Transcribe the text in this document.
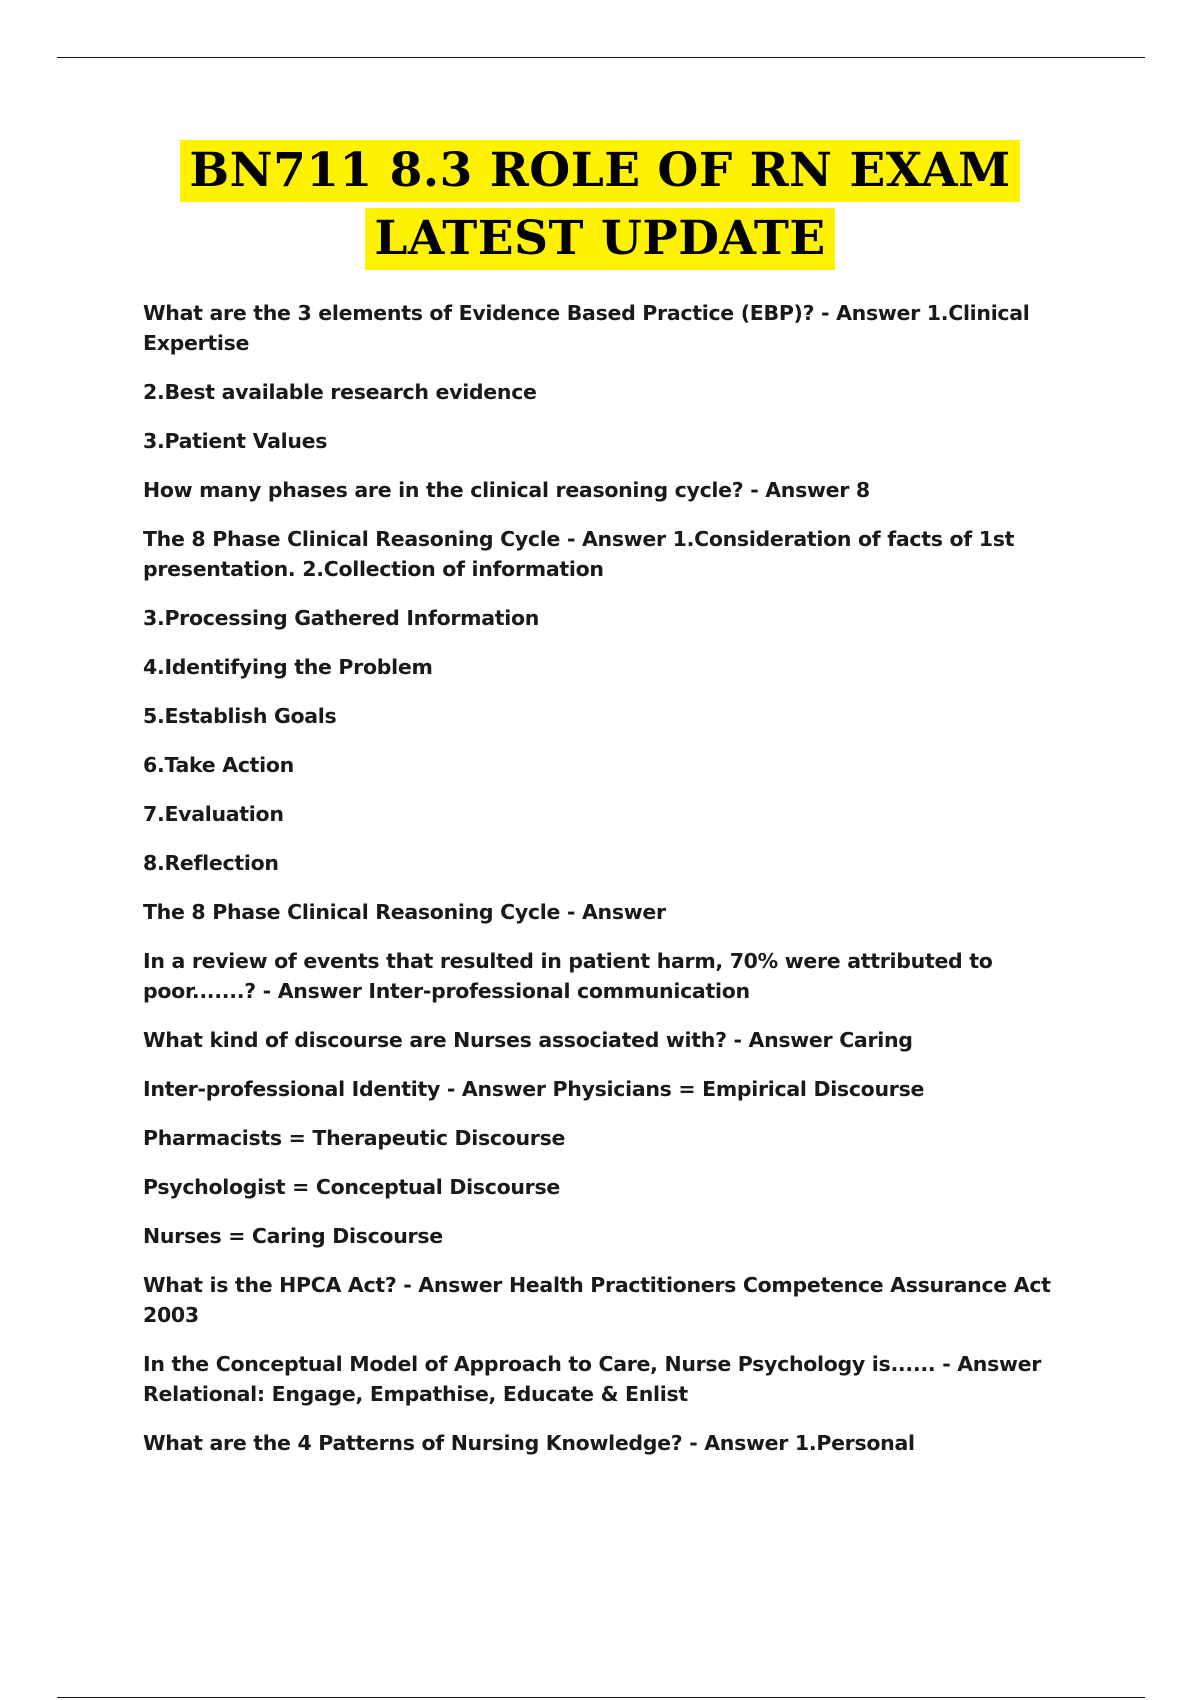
BN711 8.3 ROLE OF RN EXAM
LATEST UPDATE

What are the 3 elements of Evidence Based Practice (EBP)? - Answer 1.Clinical Expertise

2.Best available research evidence

3.Patient Values

How many phases are in the clinical reasoning cycle? - Answer 8

The 8 Phase Clinical Reasoning Cycle - Answer 1.Consideration of facts of 1st presentation. 2.Collection of information

3.Processing Gathered Information

4.Identifying the Problem

5.Establish Goals

6.Take Action

7.Evaluation

8.Reflection

The 8 Phase Clinical Reasoning Cycle - Answer

In a review of events that resulted in patient harm, 70% were attributed to poor.......? - Answer Inter-professional communication

What kind of discourse are Nurses associated with? - Answer Caring

Inter-professional Identity - Answer Physicians = Empirical Discourse

Pharmacists = Therapeutic Discourse

Psychologist = Conceptual Discourse

Nurses = Caring Discourse

What is the HPCA Act? - Answer Health Practitioners Competence Assurance Act 2003

In the Conceptual Model of Approach to Care, Nurse Psychology is...... - Answer Relational: Engage, Empathise, Educate & Enlist

What are the 4 Patterns of Nursing Knowledge? - Answer 1.Personal
